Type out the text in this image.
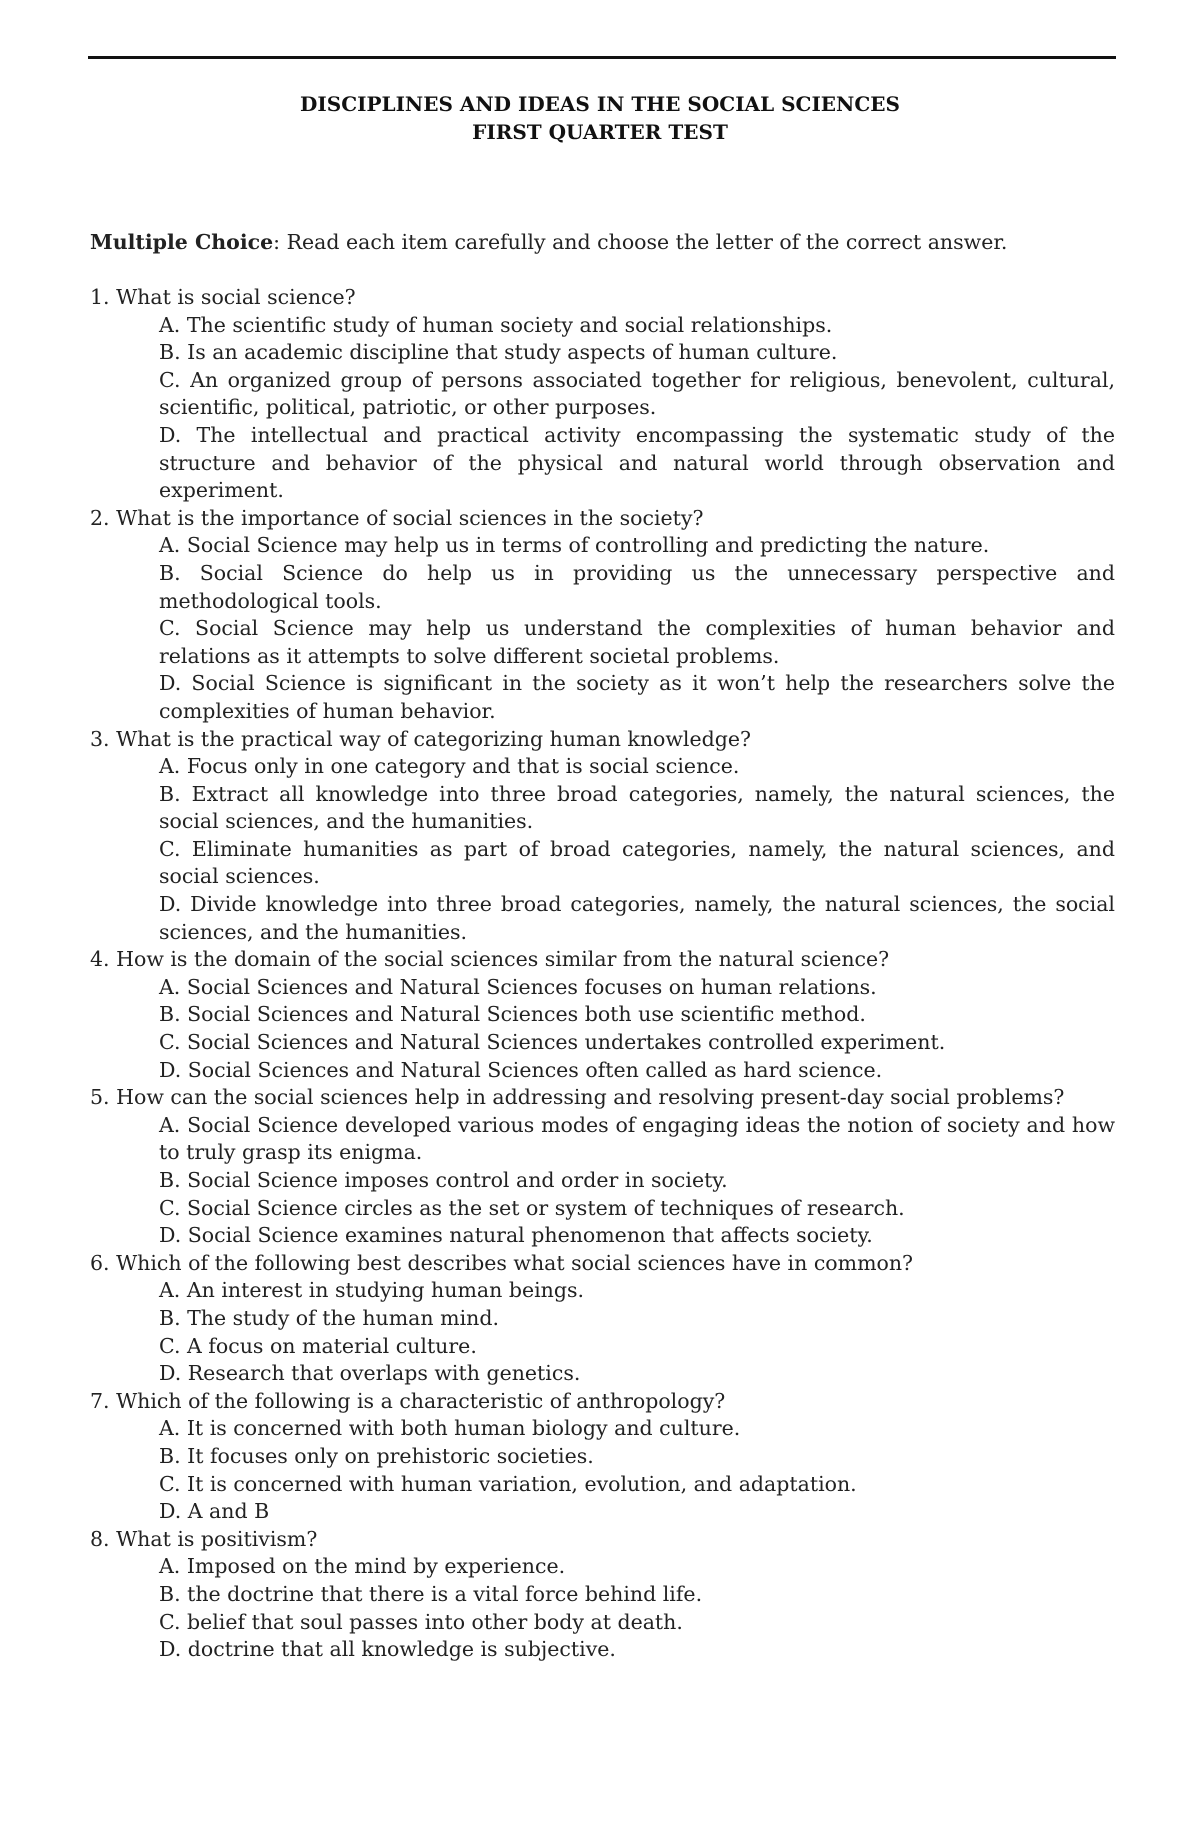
DISCIPLINES AND IDEAS IN THE SOCIAL SCIENCES
FIRST QUARTER TEST
Multiple Choice: Read each item carefully and choose the letter of the correct answer.
1. What is social science?
A. The scientific study of human society and social relationships.
B. Is an academic discipline that study aspects of human culture.
C. An organized group of persons associated together for religious, benevolent, cultural, scientific, political, patriotic, or other purposes.
D. The intellectual and practical activity encompassing the systematic study of the structure and behavior of the physical and natural world through observation and experiment.
2. What is the importance of social sciences in the society?
A. Social Science may help us in terms of controlling and predicting the nature.
B. Social Science do help us in providing us the unnecessary perspective and methodological tools.
C. Social Science may help us understand the complexities of human behavior and relations as it attempts to solve different societal problems.
D. Social Science is significant in the society as it won’t help the researchers solve the complexities of human behavior.
3. What is the practical way of categorizing human knowledge?
A. Focus only in one category and that is social science.
B. Extract all knowledge into three broad categories, namely, the natural sciences, the social sciences, and the humanities.
C. Eliminate humanities as part of broad categories, namely, the natural sciences, and social sciences.
D. Divide knowledge into three broad categories, namely, the natural sciences, the social sciences, and the humanities.
4. How is the domain of the social sciences similar from the natural science?
A. Social Sciences and Natural Sciences focuses on human relations.
B. Social Sciences and Natural Sciences both use scientific method.
C. Social Sciences and Natural Sciences undertakes controlled experiment.
D. Social Sciences and Natural Sciences often called as hard science.
5. How can the social sciences help in addressing and resolving present-day social problems?
A. Social Science developed various modes of engaging ideas the notion of society and how to truly grasp its enigma.
B. Social Science imposes control and order in society.
C. Social Science circles as the set or system of techniques of research.
D. Social Science examines natural phenomenon that affects society.
6. Which of the following best describes what social sciences have in common?
A. An interest in studying human beings.
B. The study of the human mind.
C. A focus on material culture.
D. Research that overlaps with genetics.
7. Which of the following is a characteristic of anthropology?
A. It is concerned with both human biology and culture.
B. It focuses only on prehistoric societies.
C. It is concerned with human variation, evolution, and adaptation.
D. A and B
8. What is positivism?
A. Imposed on the mind by experience.
B. the doctrine that there is a vital force behind life.
C. belief that soul passes into other body at death.
D. doctrine that all knowledge is subjective.
